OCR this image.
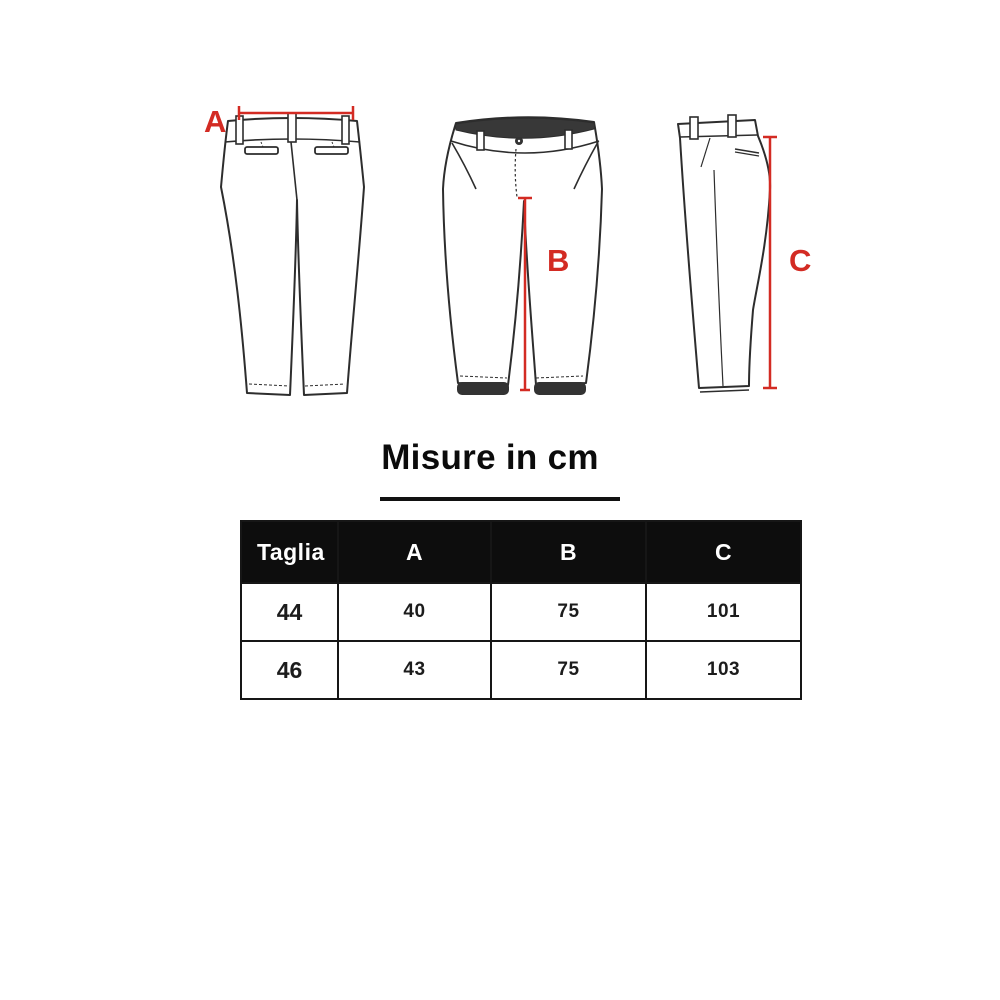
A
B	C
Misure in cm
Taglia	A	B	C
44	40	75	101
46	43	75	103
